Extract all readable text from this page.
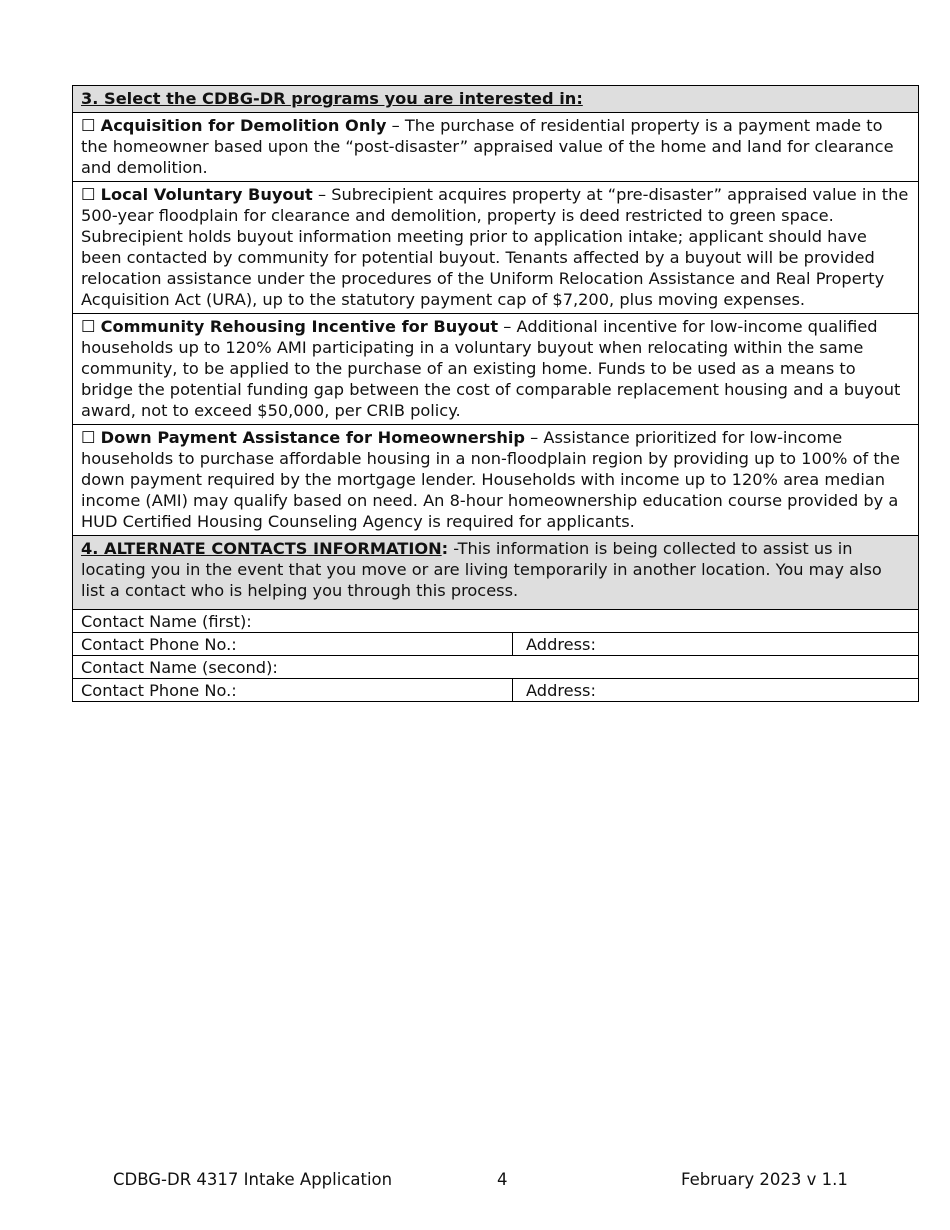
3. Select the CDBG-DR programs you are interested in:	
☐ Acquisition for Demolition Only – The purchase of residential property is a payment made to the homeowner based upon the “post-disaster” appraised value of the home and land for clearance and demolition.	
☐ Local Voluntary Buyout – Subrecipient acquires property at “pre-disaster” appraised value in the 500-year floodplain for clearance and demolition, property is deed restricted to green space. Subrecipient holds buyout information meeting prior to application intake; applicant should have been contacted by community for potential buyout. Tenants affected by a buyout will be provided relocation assistance under the procedures of the Uniform Relocation Assistance and Real Property Acquisition Act (URA), up to the statutory payment cap of $7,200, plus moving expenses.	
☐ Community Rehousing Incentive for Buyout – Additional incentive for low-income qualified households up to 120% AMI participating in a voluntary buyout when relocating within the same community, to be applied to the purchase of an existing home. Funds to be used as a means to bridge the potential funding gap between the cost of comparable replacement housing and a buyout award, not to exceed $50,000, per CRIB policy.	
☐ Down Payment Assistance for Homeownership – Assistance prioritized for low-income households to purchase affordable housing in a non-floodplain region by providing up to 100% of the down payment required by the mortgage lender. Households with income up to 120% area median income (AMI) may qualify based on need. An 8-hour homeownership education course provided by a HUD Certified Housing Counseling Agency is required for applicants.	
4. ALTERNATE CONTACTS INFORMATION: -This information is being collected to assist us in locating you in the event that you move or are living temporarily in another location. You may also list a contact who is helping you through this process.	
Contact Name (first):	
Contact Phone No.:	Address:
Contact Name (second):	
Contact Phone No.:	Address:
CDBG-DR 4317 Intake Application	4	February 2023 v 1.1
